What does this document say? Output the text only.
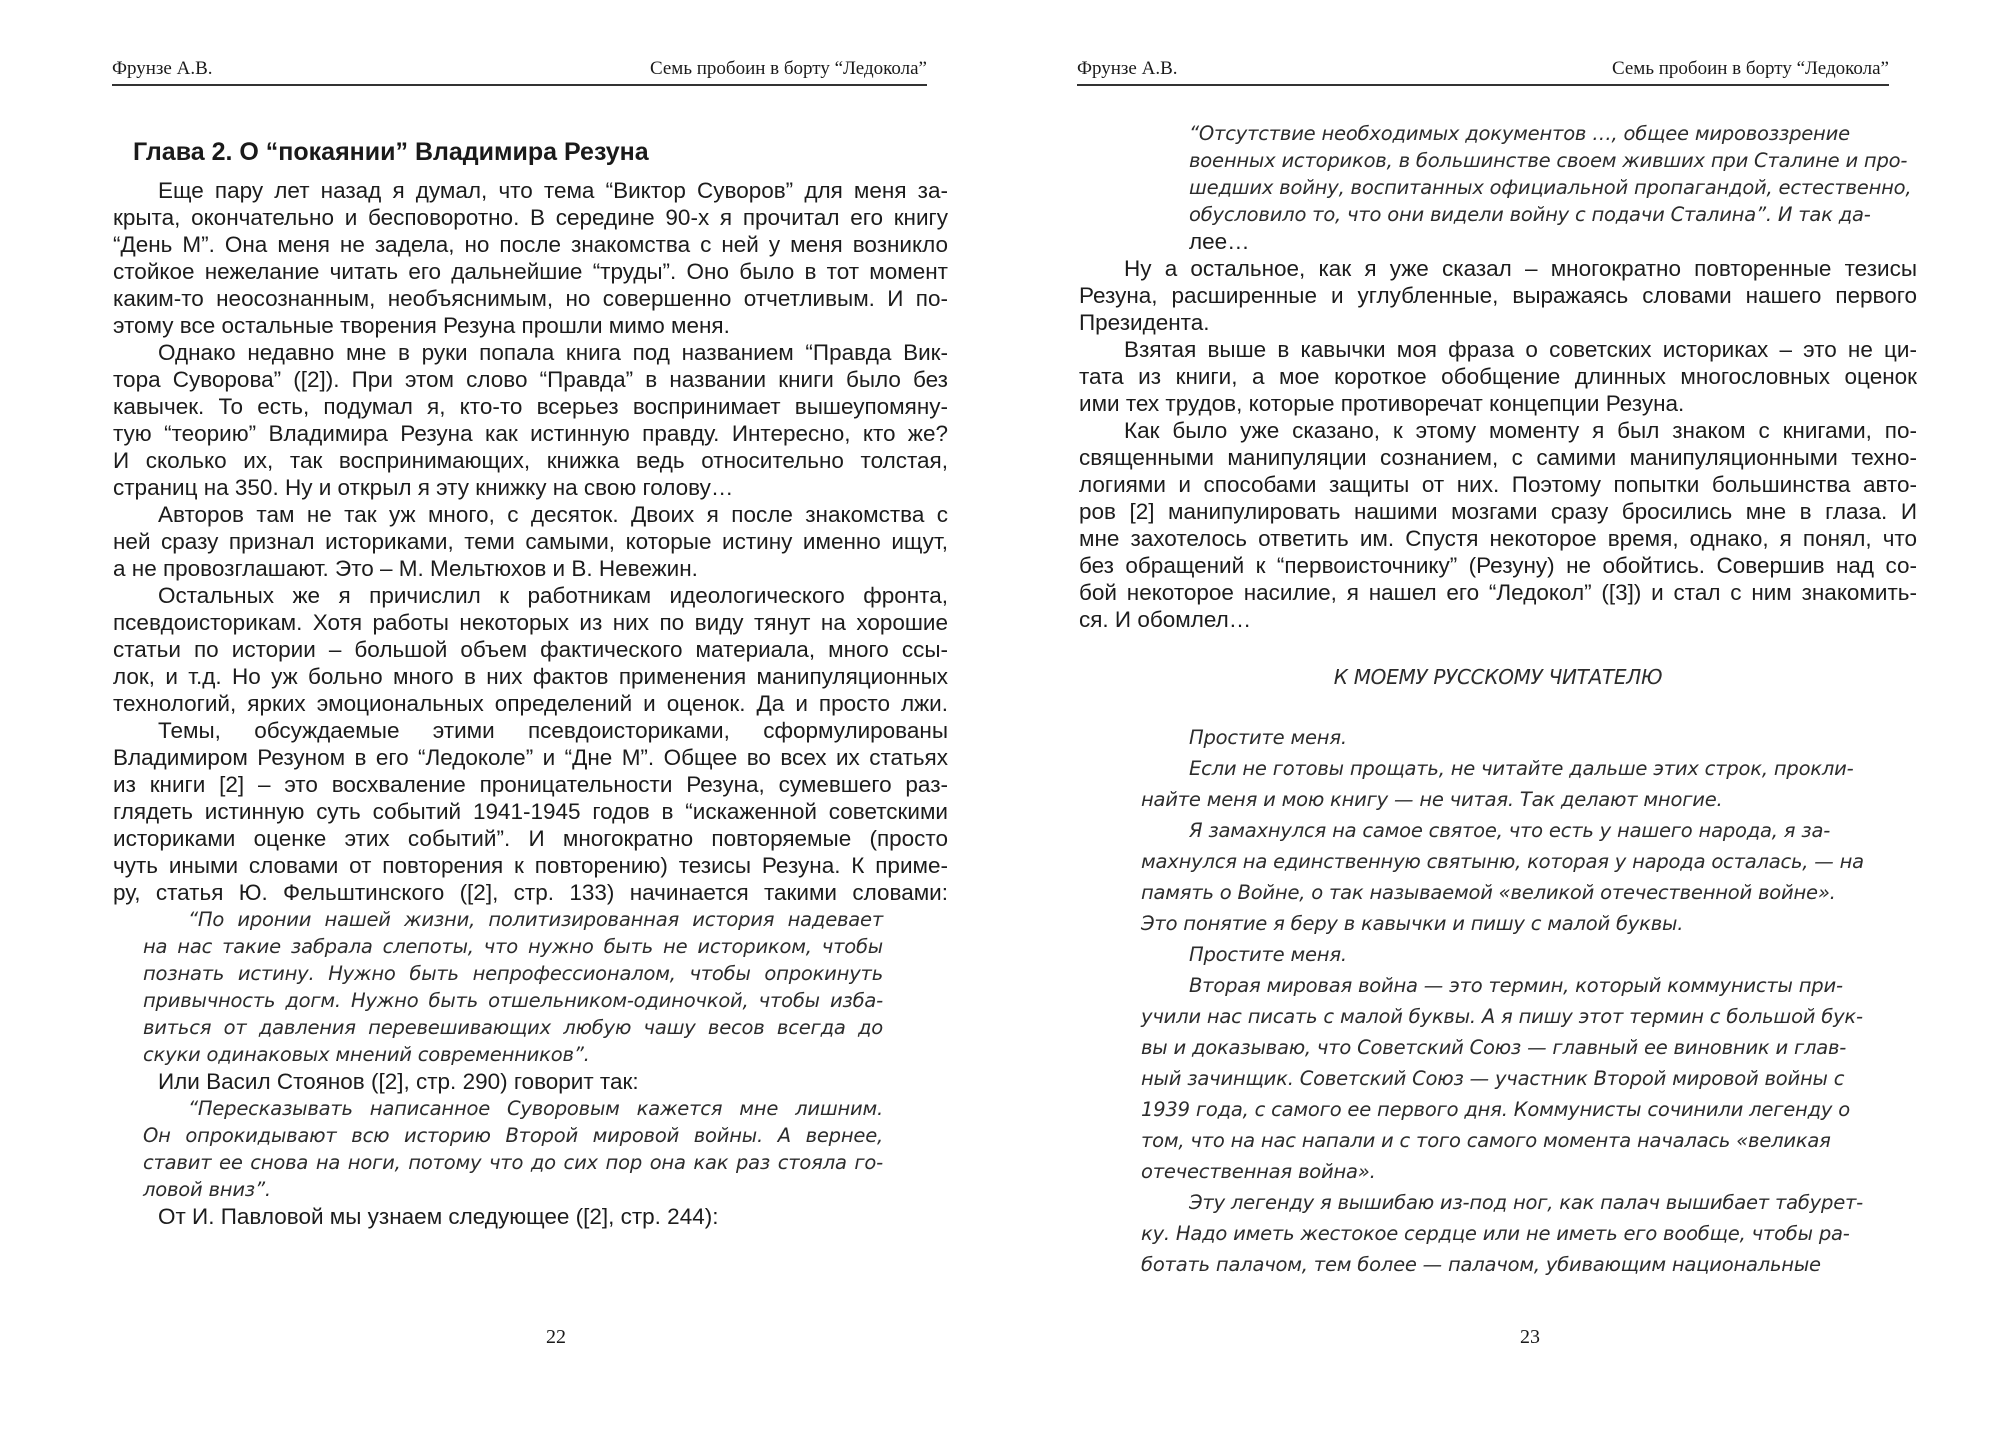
Фрунзе А.В.	Семь пробоин в борту “Ледокола”
Глава 2. О “покаянии” Владимира Резуна
Еще пару лет назад я думал, что тема “Виктор Суворов” для меня за-
крыта, окончательно и бесповоротно. В середине 90-х я прочитал его книгу
“День М”. Она меня не задела, но после знакомства с ней у меня возникло
стойкое нежелание читать его дальнейшие “труды”. Оно было в тот момент
каким-то неосознанным, необъяснимым, но совершенно отчетливым. И по-
этому все остальные творения Резуна прошли мимо меня.
Однако недавно мне в руки попала книга под названием “Правда Вик-
тора Суворова” ([2]). При этом слово “Правда” в названии книги было без
кавычек. То есть, подумал я, кто-то всерьез воспринимает вышеупомяну-
тую “теорию” Владимира Резуна как истинную правду. Интересно, кто же?
И сколько их, так воспринимающих, книжка ведь относительно толстая,
страниц на 350. Ну и открыл я эту книжку на свою голову…
Авторов там не так уж много, с десяток. Двоих я после знакомства с
ней сразу признал историками, теми самыми, которые истину именно ищут,
а не провозглашают. Это – М. Мельтюхов и В. Невежин.
Остальных же я причислил к работникам идеологического фронта,
псевдоисторикам. Хотя работы некоторых из них по виду тянут на хорошие
статьи по истории – большой объем фактического материала, много ссы-
лок, и т.д. Но уж больно много в них фактов применения манипуляционных
технологий, ярких эмоциональных определений и оценок. Да и просто лжи.
Темы, обсуждаемые этими псевдоисториками, сформулированы
Владимиром Резуном в его “Ледоколе” и “Дне М”. Общее во всех их статьях
из книги [2] – это восхваление проницательности Резуна, сумевшего раз-
глядеть истинную суть событий 1941-1945 годов в “искаженной советскими
историками оценке этих событий”. И многократно повторяемые (просто
чуть иными словами от повторения к повторению) тезисы Резуна. К приме-
ру, статья Ю. Фельштинского ([2], стр. 133) начинается такими словами:
“По иронии нашей жизни, политизированная история надевает
на нас такие забрала слепоты, что нужно быть не историком, чтобы
познать истину. Нужно быть непрофессионалом, чтобы опрокинуть
привычность догм. Нужно быть отшельником-одиночкой, чтобы изба-
виться от давления перевешивающих любую чашу весов всегда до
скуки одинаковых мнений современников”.
Или Васил Стоянов ([2], стр. 290) говорит так:
“Пересказывать написанное Суворовым кажется мне лишним.
Он опрокидывают всю историю Второй мировой войны. А вернее,
ставит ее снова на ноги, потому что до сих пор она как раз стояла го-
ловой вниз”.
От И. Павловой мы узнаем следующее ([2], стр. 244):
22
Фрунзе А.В.	Семь пробоин в борту “Ледокола”
“Отсутствие необходимых документов …, общее мировоззрение
военных историков, в большинстве своем живших при Сталине и про-
шедших войну, воспитанных официальной пропагандой, естественно,
обусловило то, что они видели войну с подачи Сталина”. И так да-
лее…
Ну а остальное, как я уже сказал – многократно повторенные тезисы
Резуна, расширенные и углубленные, выражаясь словами нашего первого
Президента.
Взятая выше в кавычки моя фраза о советских историках – это не ци-
тата из книги, а мое короткое обобщение длинных многословных оценок
ими тех трудов, которые противоречат концепции Резуна.
Как было уже сказано, к этому моменту я был знаком с книгами, по-
священными манипуляции сознанием, с самими манипуляционными техно-
логиями и способами защиты от них. Поэтому попытки большинства авто-
ров [2] манипулировать нашими мозгами сразу бросились мне в глаза. И
мне захотелось ответить им. Спустя некоторое время, однако, я понял, что
без обращений к “первоисточнику” (Резуну) не обойтись. Совершив над со-
бой некоторое насилие, я нашел его “Ледокол” ([3]) и стал с ним знакомить-
ся. И обомлел…
К МОЕМУ РУССКОМУ ЧИТАТЕЛЮ
Простите меня.
Если не готовы прощать, не читайте дальше этих строк, прокли-
найте меня и мою книгу — не читая. Так делают многие.
Я замахнулся на самое святое, что есть у нашего народа, я за-
махнулся на единственную святыню, которая у народа осталась, — на
память о Войне, о так называемой «великой отечественной войне».
Это понятие я беру в кавычки и пишу с малой буквы.
Простите меня.
Вторая мировая война — это термин, который коммунисты при-
учили нас писать с малой буквы. А я пишу этот термин с большой бук-
вы и доказываю, что Советский Союз — главный ее виновник и глав-
ный зачинщик. Советский Союз — участник Второй мировой войны с
1939 года, с самого ее первого дня. Коммунисты сочинили легенду о
том, что на нас напали и с того самого момента началась «великая
отечественная война».
Эту легенду я вышибаю из-под ног, как палач вышибает табурет-
ку. Надо иметь жестокое сердце или не иметь его вообще, чтобы ра-
ботать палачом, тем более — палачом, убивающим национальные
23
